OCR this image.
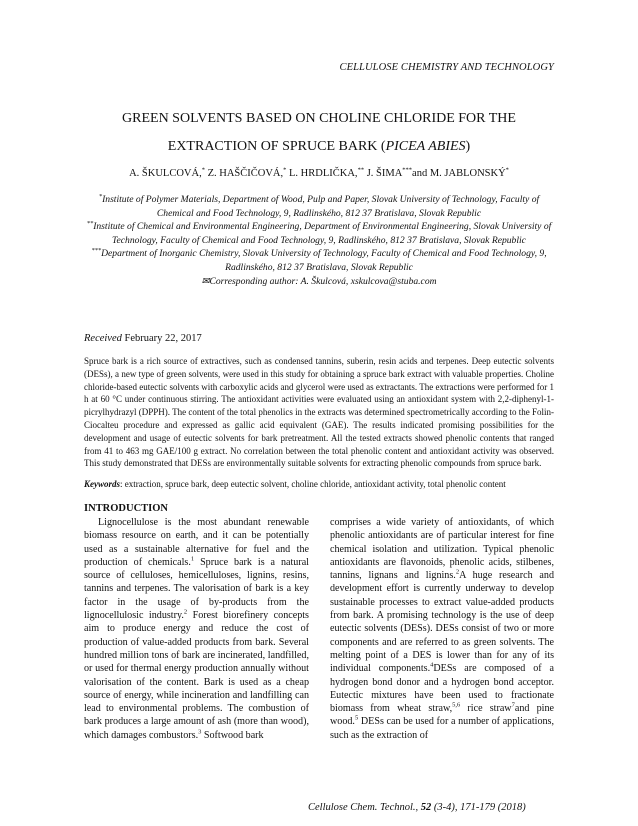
CELLULOSE CHEMISTRY AND TECHNOLOGY
GREEN SOLVENTS BASED ON CHOLINE CHLORIDE FOR THE
EXTRACTION OF SPRUCE BARK (PICEA ABIES)
A. ŠKULCOVÁ,* Z. HAŠČIČOVÁ,* L. HRDLIČKA,** J. ŠIMA***and M. JABLONSKÝ*

*Institute of Polymer Materials, Department of Wood, Pulp and Paper, Slovak University of Technology, Faculty of Chemical and Food Technology, 9, Radlinského, 812 37 Bratislava, Slovak Republic

**Institute of Chemical and Environmental Engineering, Department of Environmental Engineering, Slovak University of Technology, Faculty of Chemical and Food Technology, 9, Radlinského, 812 37 Bratislava, Slovak Republic

***Department of Inorganic Chemistry, Slovak University of Technology, Faculty of Chemical and Food Technology, 9, Radlinského, 812 37 Bratislava, Slovak Republic

✉Corresponding author: A. Škulcová, xskulcova@stuba.com

Received February 22, 2017
Spruce bark is a rich source of extractives, such as condensed tannins, suberin, resin acids and terpenes. Deep eutectic solvents (DESs), a new type of green solvents, were used in this study for obtaining a spruce bark extract with valuable properties. Choline chloride-based eutectic solvents with carboxylic acids and glycerol were used as extractants. The extractions were performed for 1 h at 60 °C under continuous stirring. The antioxidant activities were evaluated using an antioxidant system with 2,2-diphenyl-1-picrylhydrazyl (DPPH). The content of the total phenolics in the extracts was determined spectrometrically according to the Folin-Ciocalteu procedure and expressed as gallic acid equivalent (GAE). The results indicated promising possibilities for the development and usage of eutectic solvents for bark pretreatment. All the tested extracts showed phenolic contents that ranged from 41 to 463 mg GAE/100 g extract. No correlation between the total phenolic content and antioxidant activity was observed. This study demonstrated that DESs are environmentally suitable solvents for extracting phenolic compounds from spruce bark.
Keywords: extraction, spruce bark, deep eutectic solvent, choline chloride, antioxidant activity, total phenolic content
INTRODUCTION
Lignocellulose is the most abundant renewable biomass resource on earth, and it can be potentially used as a sustainable alternative for fuel and the production of chemicals.$^1$ Spruce bark is a natural source of celluloses, hemicelluloses, lignins, resins, tannins and terpenes. The valorisation of bark is a key factor in the usage of by-products from the lignocellulosic industry.$^2$ Forest biorefinery concepts aim to produce energy and reduce the cost of production of value-added products from bark. Several hundred million tons of bark are incinerated, landfilled, or used for thermal energy production annually without valorisation of the content. Bark is used as a cheap source of energy, while incineration and landfilling can lead to environmental problems. The combustion of bark produces a large amount of ash (more than wood), which damages combustors.$^3$ Softwood bark
comprises a wide variety of antioxidants, of which phenolic antioxidants are of particular interest for fine chemical isolation and utilization. Typical phenolic antioxidants are flavonoids, phenolic acids, stilbenes, tannins, lignans and lignins.$^2$A huge research and development effort is currently underway to develop sustainable processes to extract value-added products from bark. A promising technology is the use of deep eutectic solvents (DESs). DESs consist of two or more components and are referred to as green solvents. The melting point of a DES is lower than for any of its individual components.$^4$DESs are composed of a hydrogen bond donor and a hydrogen bond acceptor. Eutectic mixtures have been used to fractionate biomass from wheat straw,$^{5,6}$ rice straw$^7$and pine wood.$^5$ DESs can be used for a number of applications, such as the extraction of
Cellulose Chem. Technol., 52 (3-4), 171-179 (2018)
